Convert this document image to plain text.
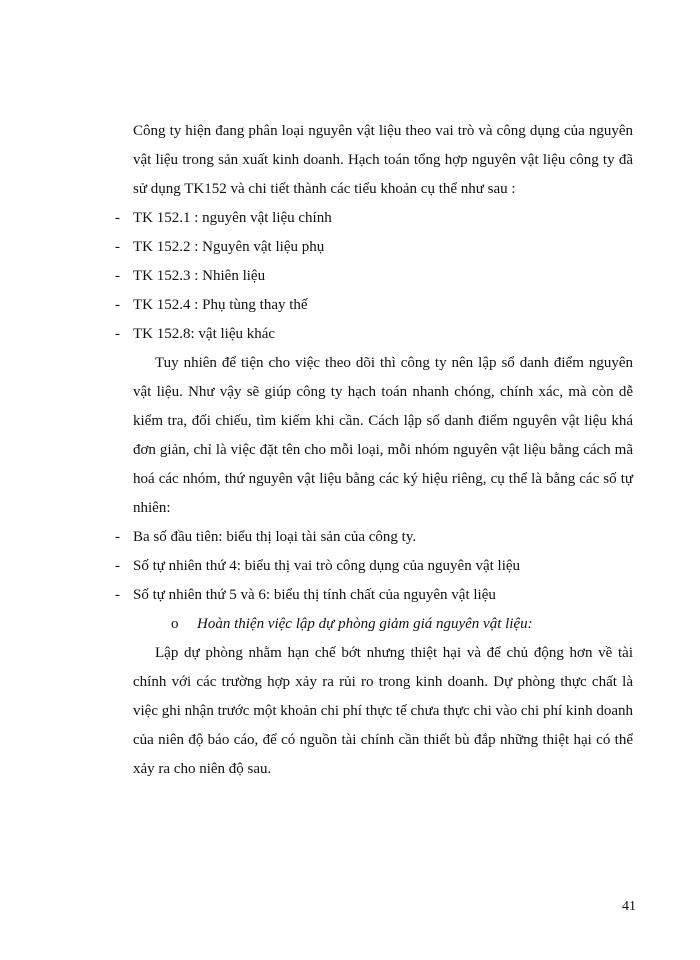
Công ty hiện đang phân loại nguyên vật liệu theo vai trò và công dụng của nguyên vật liệu trong sản xuất kinh doanh. Hạch toán tổng hợp nguyên vật liệu công ty đã sử dụng TK152 và chi tiết thành các tiểu khoản cụ thể như sau :

- TK 152.1 : nguyên vật liệu chính
- TK 152.2 : Nguyên vật liệu phụ
- TK 152.3 : Nhiên liệu
- TK 152.4 : Phụ tùng thay thế
- TK 152.8: vật liệu khác

Tuy nhiên để tiện cho việc theo dõi thì công ty nên lập sổ danh điểm nguyên vật liệu. Như vậy sẽ giúp công ty hạch toán nhanh chóng, chính xác, mà còn dễ kiểm tra, đối chiếu, tìm kiếm khi cần. Cách lập sổ danh điểm nguyên vật liệu khá đơn giản, chỉ là việc đặt tên cho mỗi loại, mỗi nhóm nguyên vật liệu bằng cách mã hoá các nhóm, thứ nguyên vật liệu bằng các ký hiệu riêng, cụ thể là bằng các số tự nhiên:

- Ba số đầu tiên: biểu thị loại tài sản của công ty.
- Số tự nhiên thứ 4: biểu thị vai trò công dụng của nguyên vật liệu
- Số tự nhiên thứ 5 và 6: biểu thị tính chất của nguyên vật liệu
o Hoàn thiện việc lập dự phòng giảm giá nguyên vật liệu:

Lập dự phòng nhằm hạn chế bớt nhưng thiệt hại và để chủ động hơn về tài chính với các trường hợp xảy ra rủi ro trong kinh doanh. Dự phòng thực chất là việc ghi nhận trước một khoản chi phí thực tế chưa thực chi vào chi phí kinh doanh của niên độ báo cáo, để có nguồn tài chính cần thiết bù đắp những thiệt hại có thể xảy ra cho niên độ sau.

41
